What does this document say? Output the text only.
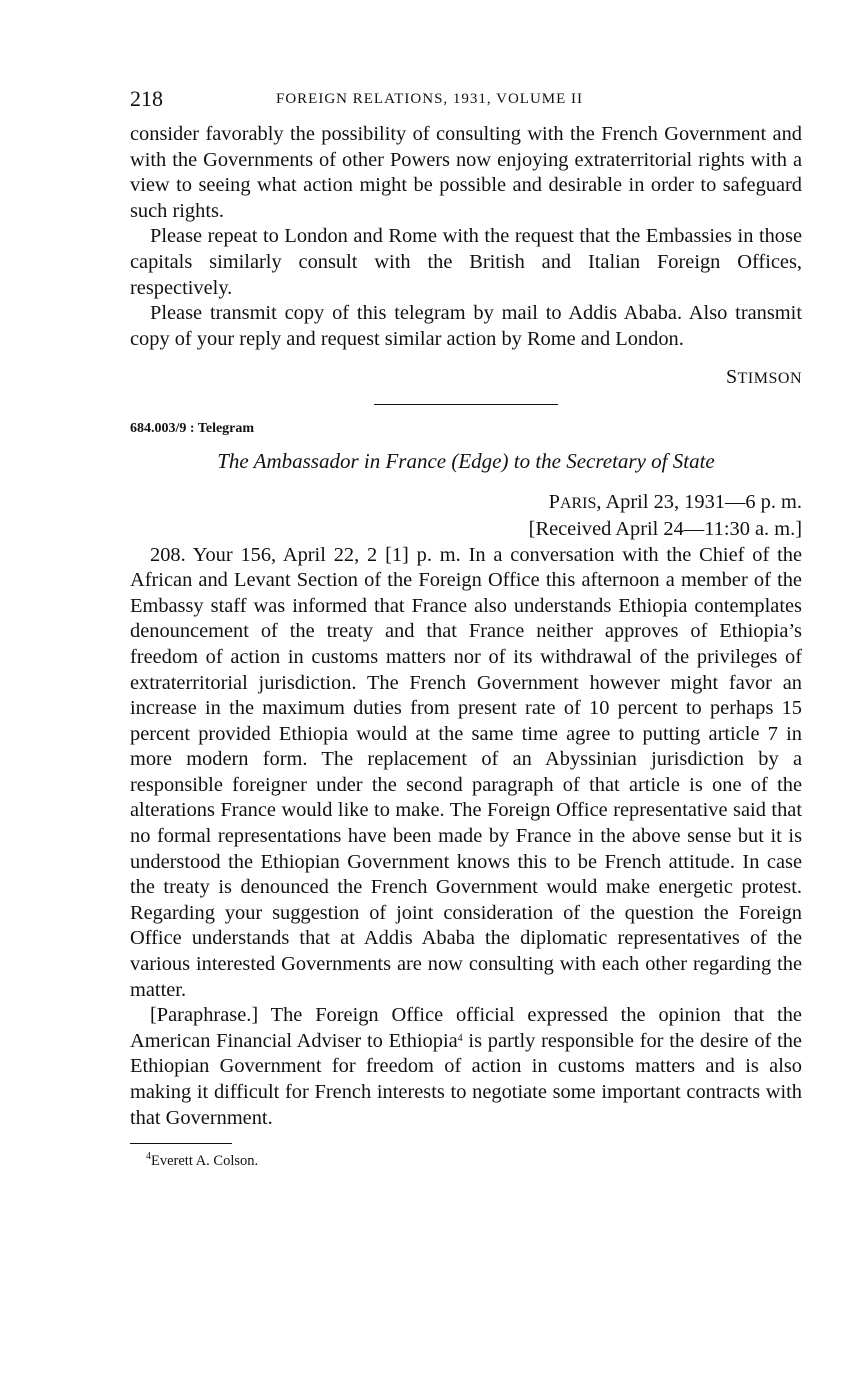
218	FOREIGN RELATIONS, 1931, VOLUME II

consider favorably the possibility of consulting with the French Government and with the Governments of other Powers now enjoying extraterritorial rights with a view to seeing what action might be possible and desirable in order to safeguard such rights.

Please repeat to London and Rome with the request that the Embassies in those capitals similarly consult with the British and Italian Foreign Offices, respectively.

Please transmit copy of this telegram by mail to Addis Ababa. Also transmit copy of your reply and request similar action by Rome and London.

STIMSON
684.003/9 : Telegram
The Ambassador in France (Edge) to the Secretary of State
PARIS, April 23, 1931—6 p. m.
[Received April 24—11:30 a. m.]

208. Your 156, April 22, 2 [1] p. m. In a conversation with the Chief of the African and Levant Section of the Foreign Office this afternoon a member of the Embassy staff was informed that France also understands Ethiopia contemplates denouncement of the treaty and that France neither approves of Ethiopia’s freedom of action in customs matters nor of its withdrawal of the privileges of extraterritorial jurisdiction. The French Government however might favor an increase in the maximum duties from present rate of 10 percent to perhaps 15 percent provided Ethiopia would at the same time agree to putting article 7 in more modern form. The replacement of an Abyssinian jurisdiction by a responsible foreigner under the second paragraph of that article is one of the alterations France would like to make. The Foreign Office representative said that no formal representations have been made by France in the above sense but it is understood the Ethiopian Government knows this to be French attitude. In case the treaty is denounced the French Government would make energetic protest. Regarding your suggestion of joint consideration of the question the Foreign Office understands that at Addis Ababa the diplomatic representatives of the various interested Governments are now consulting with each other regarding the matter.

[Paraphrase.] The Foreign Office official expressed the opinion that the American Financial Adviser to Ethiopia$^4$ is partly responsible for the desire of the Ethiopian Government for freedom of action in customs matters and is also making it difficult for French interests to negotiate some important contracts with that Government.

$^4$Everett A. Colson.
